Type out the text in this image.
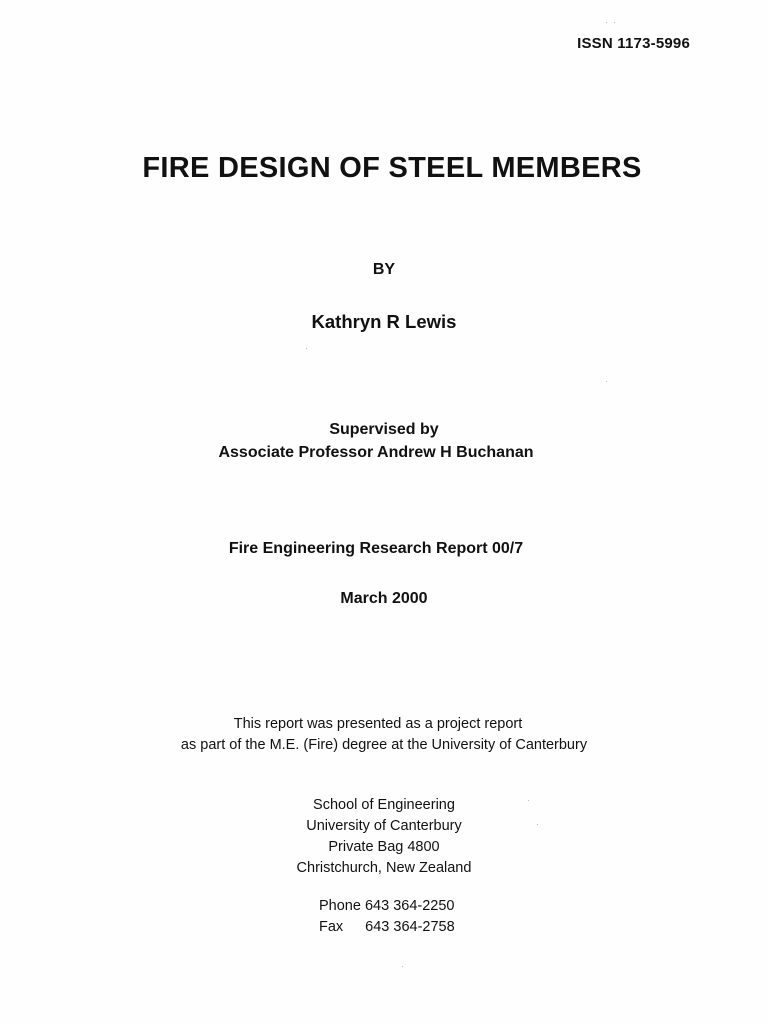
ISSN 1173-5996
FIRE DESIGN OF STEEL MEMBERS
BY
Kathryn R Lewis
Supervised by
Associate Professor Andrew H Buchanan
Fire Engineering Research Report 00/7
March 2000
This report was presented as a project report
as part of the M.E. (Fire) degree at the University of Canterbury
School of Engineering
University of Canterbury
Private Bag 4800
Christchurch, New Zealand
Phone 643 364-2250
Fax 643 364-2758
